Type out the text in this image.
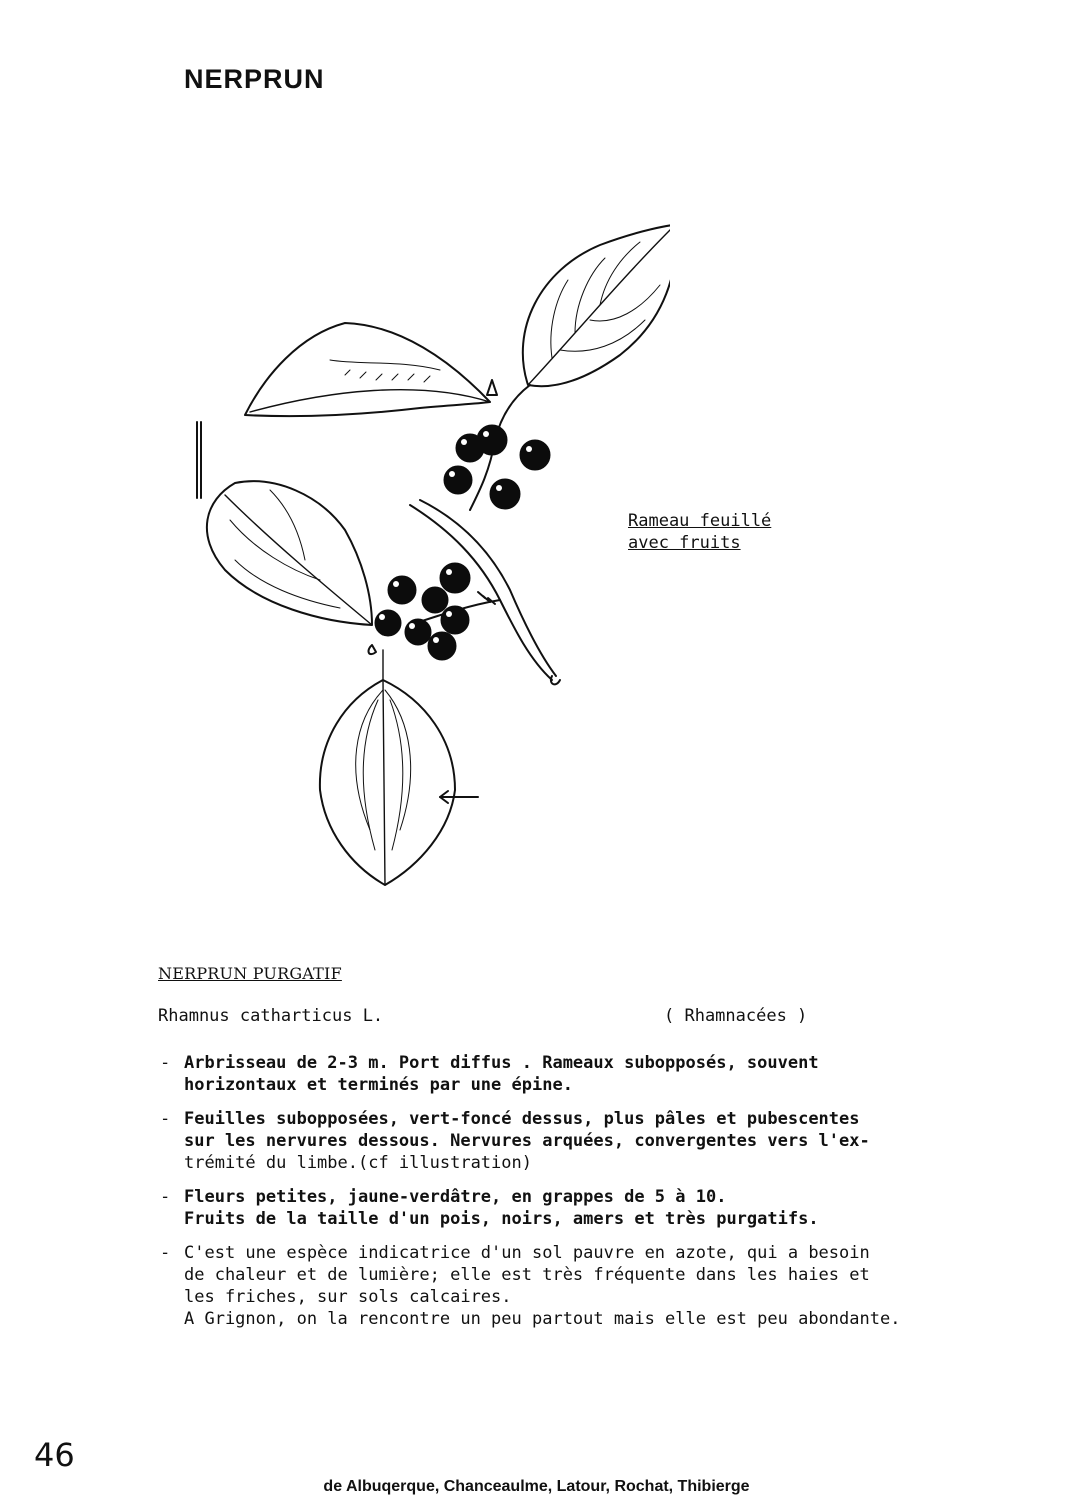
NERPRUN
Rameau feuillé
avec fruits
NERPRUN PURGATIF
Rhamnus catharticus L.	( Rhamnacées )
- Arbrisseau de 2-3 m. Port diffus . Rameaux subopposés, souvent
horizontaux et terminés par une épine.
- Feuilles subopposées, vert-foncé dessus, plus pâles et pubescentes
sur les nervures dessous. Nervures arquées, convergentes vers l'ex-
trémité du limbe.(cf illustration)
- Fleurs petites, jaune-verdâtre, en grappes de 5 à 10.
Fruits de la taille d'un pois, noirs, amers et très purgatifs.
- C'est une espèce indicatrice d'un sol pauvre en azote, qui a besoin
de chaleur et de lumière; elle est très fréquente dans les haies et
les friches, sur sols calcaires.
A Grignon, on la rencontre un peu partout mais elle est peu abondante.
46
de Albuqerque, Chanceaulme, Latour, Rochat, Thibierge
